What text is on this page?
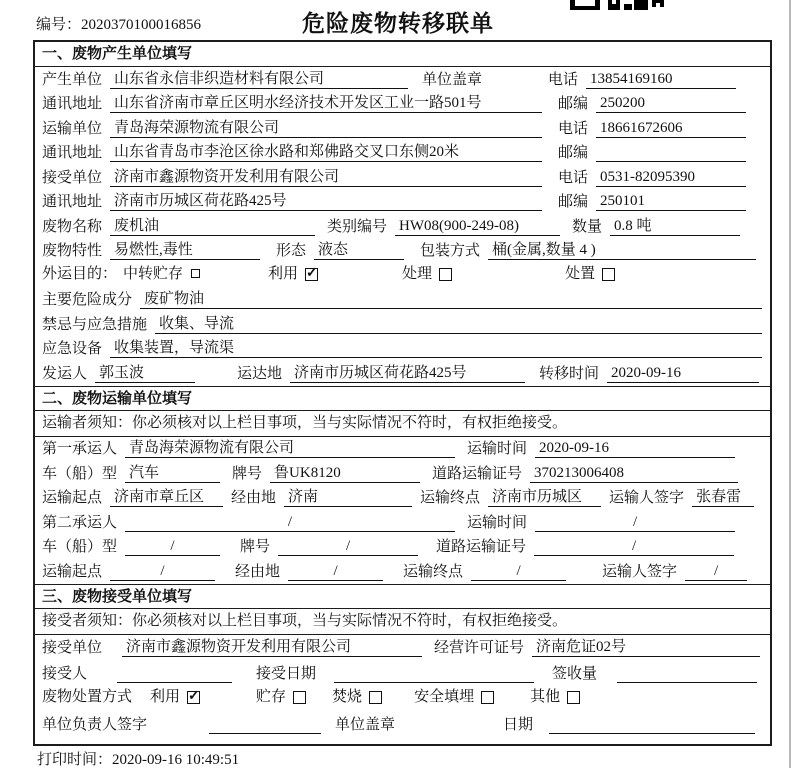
编号：2020370100016856	危险废物转移联单
一、废物产生单位填写
产生单位 山东省永信非织造材料有限公司	单位盖章	电话 13854169160
通讯地址 山东省济南市章丘区明水经济技术开发区工业一路501号	邮编 250200
运输单位 青岛海荣源物流有限公司	电话 18661672606
通讯地址 山东省青岛市李沧区徐水路和郑佛路交叉口东侧20米	邮编
接受单位 济南市鑫源物资开发利用有限公司	电话 0531-82095390
通讯地址 济南市历城区荷花路425号	邮编 250101
废物名称 废机油	类别编号 HW08(900-249-08)	数量 0.8 吨
废物特性 易燃性,毒性	形态 液态	包装方式 桶(金属,数量 4 )
外运目的： 中转贮存	利用 ✓	处理	处置
主要危险成分 废矿物油
禁忌与应急措施 收集、导流
应急设备 收集装置，导流渠
发运人 郭玉波	运达地 济南市历城区荷花路425号	转移时间 2020-09-16
二、废物运输单位填写
运输者须知：你必须核对以上栏目事项，当与实际情况不符时，有权拒绝接受。
第一承运人 青岛海荣源物流有限公司	运输时间 2020-09-16
车（船）型 汽车	牌号 鲁UK8120	道路运输证号 370213006408
运输起点 济南市章丘区	经由地 济南	运输终点 济南市历城区	运输人签字 张春雷
第二承运人	/	运输时间	/
车（船）型	/	牌号	/	道路运输证号	/
运输起点	/	经由地	/	运输终点	/	运输人签字	/
三、废物接受单位填写
接受者须知：你必须核对以上栏目事项，当与实际情况不符时，有权拒绝接受。
接受单位 济南市鑫源物资开发利用有限公司	经营许可证号 济南危证02号
接受人	接受日期	签收量
废物处置方式 利用 ✓	贮存	焚烧	安全填埋	其他
单位负责人签字	单位盖章	日期
打印时间：2020-09-16 10:49:51
